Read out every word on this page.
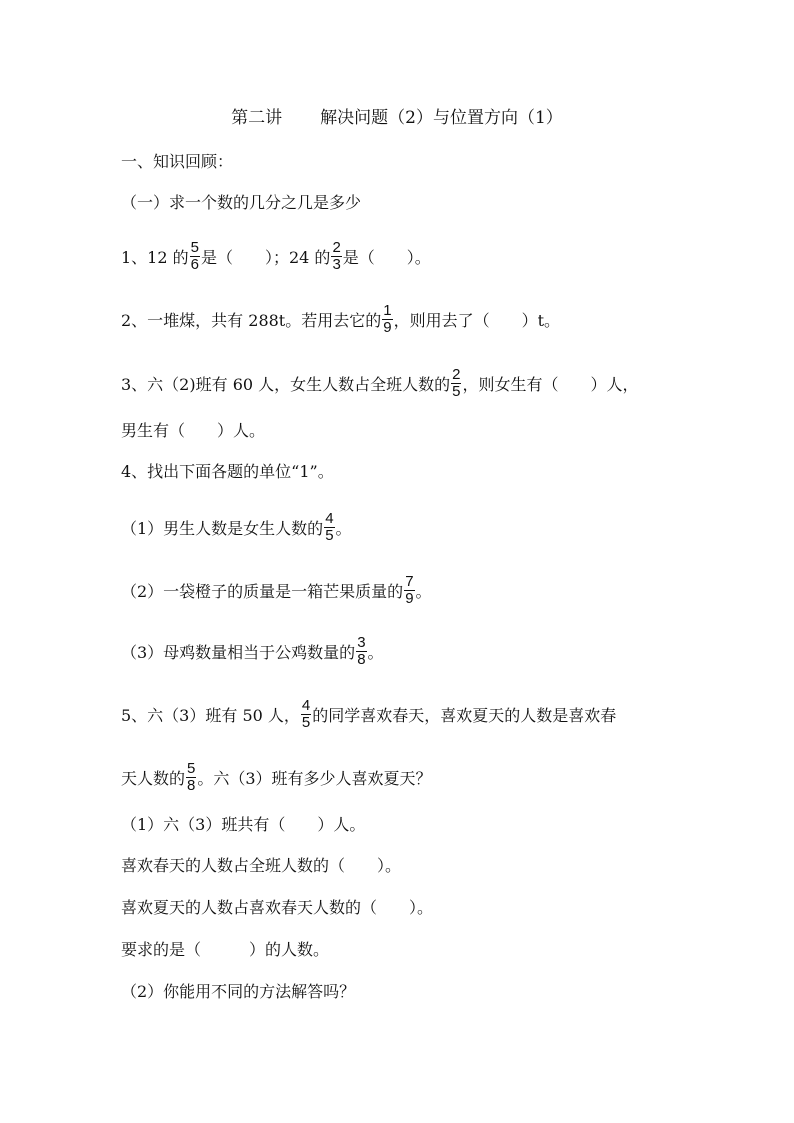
第二讲 解决问题（2）与位置方向（1）
一、知识回顾：
（一）求一个数的几分之几是多少
1、12 的 $\frac{5}{6}$ 是（　　）；24 的 $\frac{2}{3}$ 是（　　）。
2、一堆煤，共有 288t。若用去它的 $\frac{1}{9}$ ，则用去了（　　）t。
3、六（2)班有 60 人，女生人数占全班人数的 $\frac{2}{5}$ ，则女生有（　　）人，
男生有（　　）人。
4、找出下面各题的单位“1”。
（1）男生人数是女生人数的 $\frac{4}{5}$ 。
（2）一袋橙子的质量是一箱芒果质量的 $\frac{7}{9}$ 。
（3）母鸡数量相当于公鸡数量的 $\frac{3}{8}$ 。
5、六（3）班有 50 人， $\frac{4}{5}$ 的同学喜欢春天，喜欢夏天的人数是喜欢春
天人数的 $\frac{5}{8}$ 。六（3）班有多少人喜欢夏天？
（1）六（3）班共有（　　）人。
喜欢春天的人数占全班人数的（　　）。
喜欢夏天的人数占喜欢春天人数的（　　）。
要求的是（　　　）的人数。
（2）你能用不同的方法解答吗？
